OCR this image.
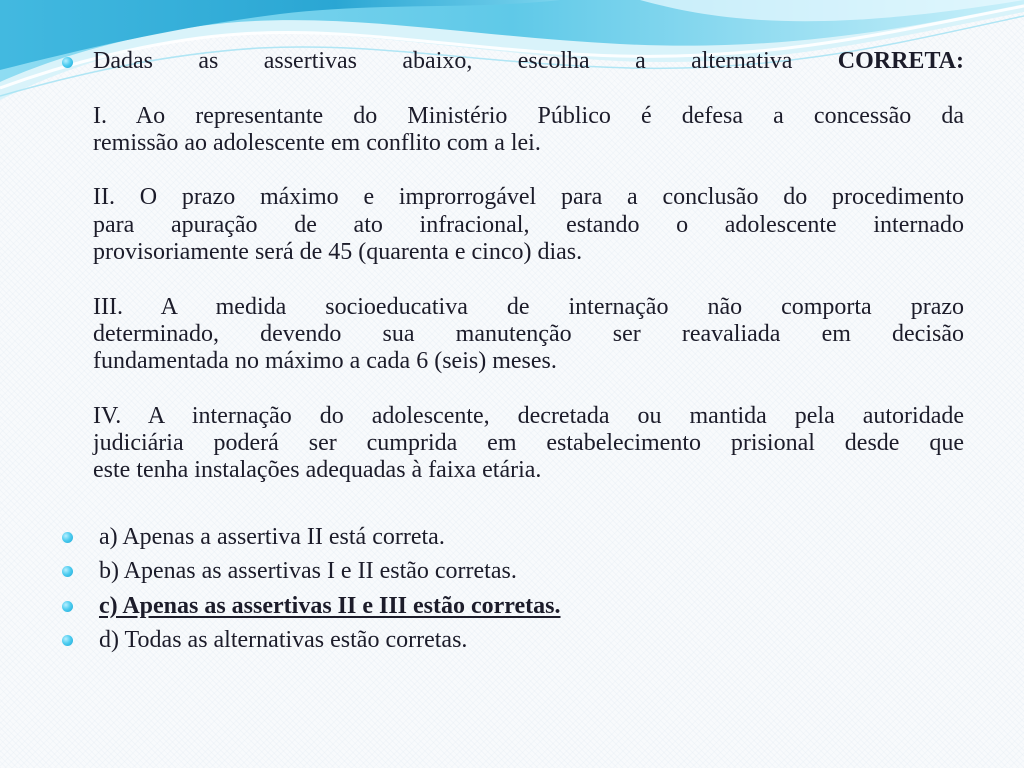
Dadas as assertivas abaixo, escolha a alternativa CORRETA:
I. Ao representante do Ministério Público é defesa a concessão da
remissão ao adolescente em conflito com a lei.
II. O prazo máximo e improrrogável para a conclusão do procedimento
para apuração de ato infracional, estando o adolescente internado
provisoriamente será de 45 (quarenta e cinco) dias.
III. A medida socioeducativa de internação não comporta prazo
determinado, devendo sua manutenção ser reavaliada em decisão
fundamentada no máximo a cada 6 (seis) meses.
IV. A internação do adolescente, decretada ou mantida pela autoridade
judiciária poderá ser cumprida em estabelecimento prisional desde que
este tenha instalações adequadas à faixa etária.
a) Apenas a assertiva II está correta.
b) Apenas as assertivas I e II estão corretas.
c) Apenas as assertivas II e III estão corretas.
d) Todas as alternativas estão corretas.
